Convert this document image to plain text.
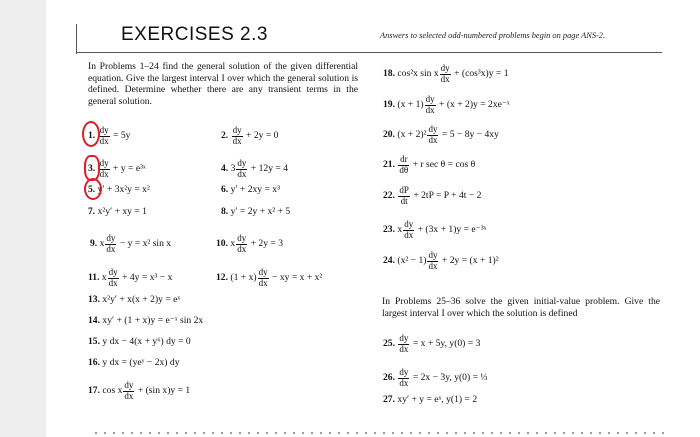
EXERCISES 2.3	Answers to selected odd-numbered problems begin on page ANS-2.
In Problems 1–24 find the general solution of the given differential equation. Give the largest interval I over which the general solution is defined. Determine whether there are any transient terms in the general solution.
1. $\frac{dy}{dx} = 5y$	2. $\frac{dy}{dx} + 2y = 0$
3. $\frac{dy}{dx} + y$ = e³ˣ	4. $3 \frac{dy}{dx} + 12y = 4$
5. y′ + 3x²y = x²	6. y′ + 2xy = x³
7. x²y′ + xy = 1	8. y′ = 2y + x² + 5
9. x $\frac{dy}{dx} - y = x^2$ sin x	10. x $\frac{dy}{dx} + 2y = 3$
11. x $\frac{dy}{dx} + 4y = x^3 - x$	12. $(1 + x) \frac{dy}{dx}$ − xy = x + x²
13. x²y′ + x(x + 2)y = eˣ
14. xy′ + (1 + x)y = e⁻ˣ sin 2x
15. y dx − 4(x + y⁶) dy = 0
16. y dx = (yeʸ − 2x) dy
17. cos x $\frac{dy}{dx} + (\sin$ x)y = 1
18. cos²x sin x $\frac{dy}{dx} + (\cos^3x)y = 1$
19. $(x + 1) \frac{dy}{dx} + (x + 2)y$ = 2xe⁻ˣ
20. $(x + 2)^2 \frac{dy}{dx} = 5 - 8y - 4xy$
21. $\frac{dr}{d\theta} + r$ sec θ = cos θ
22. $\frac{dP}{dt} + 2tP = P + 4t - 2$
23. x $\frac{dy}{dx} + (3x + 1)y$ = e⁻³ˣ
24. $(x^2 - 1) \frac{dy}{dx} + 2y = (x + 1)^2$
In Problems 25–36 solve the given initial-value problem. Give the largest interval I over which the solution is defined
25. $\frac{dy}{dx} = x + 5y$, y(0) = 3
26. $\frac{dy}{dx} = 2x - 3y$, y(0) = ⅓
27. xy′ + y = eˣ, y(1) = 2
